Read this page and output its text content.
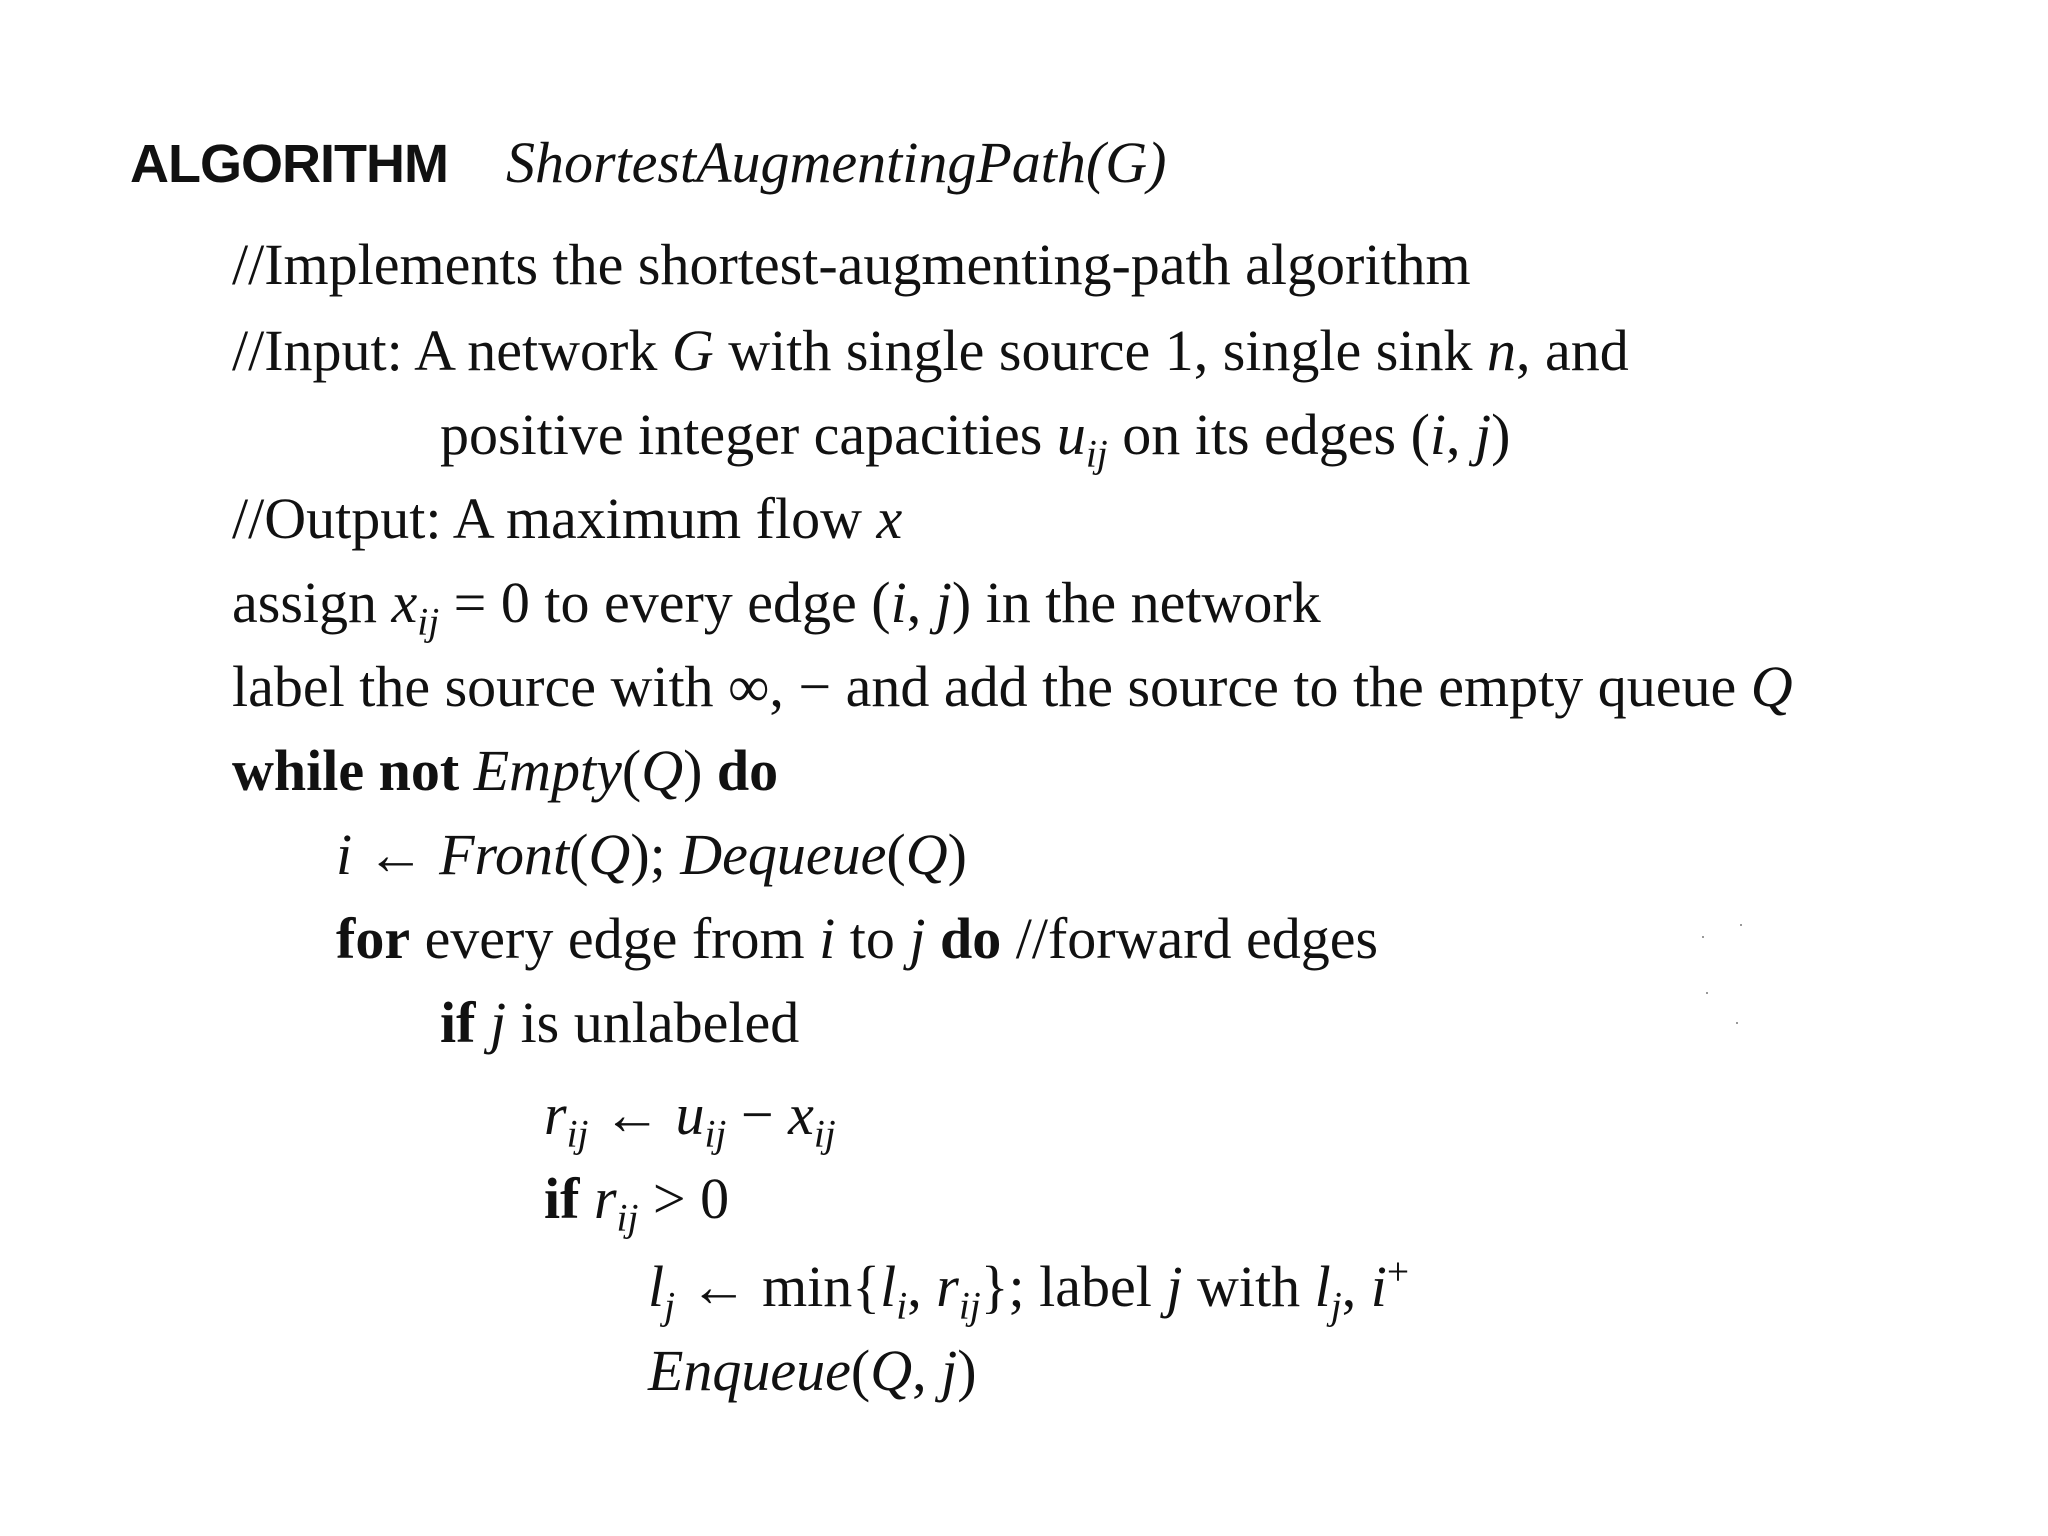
ALGORITHM ShortestAugmentingPath(G)
//Implements the shortest-augmenting-path algorithm
//Input: A network G with single source 1, single sink n, and
positive integer capacities $u_{ij}$ on its edges (i, j)
//Output: A maximum flow x
assign $x_{ij} = 0$ to every edge (i, j) in the network
label the source with ∞, − and add the source to the empty queue Q
while not Empty(Q) do
i ← Front(Q); Dequeue(Q)
for every edge from i to j do //forward edges
if j is unlabeled
$r_{ij}$ ← $u_{ij} - x_{ij}$
if $r_{ij} > 0$
$l_j$ ← $\min\{l_i$, $r_{ij}$}; label j with $l_j$, i+
Enqueue(Q, j)
